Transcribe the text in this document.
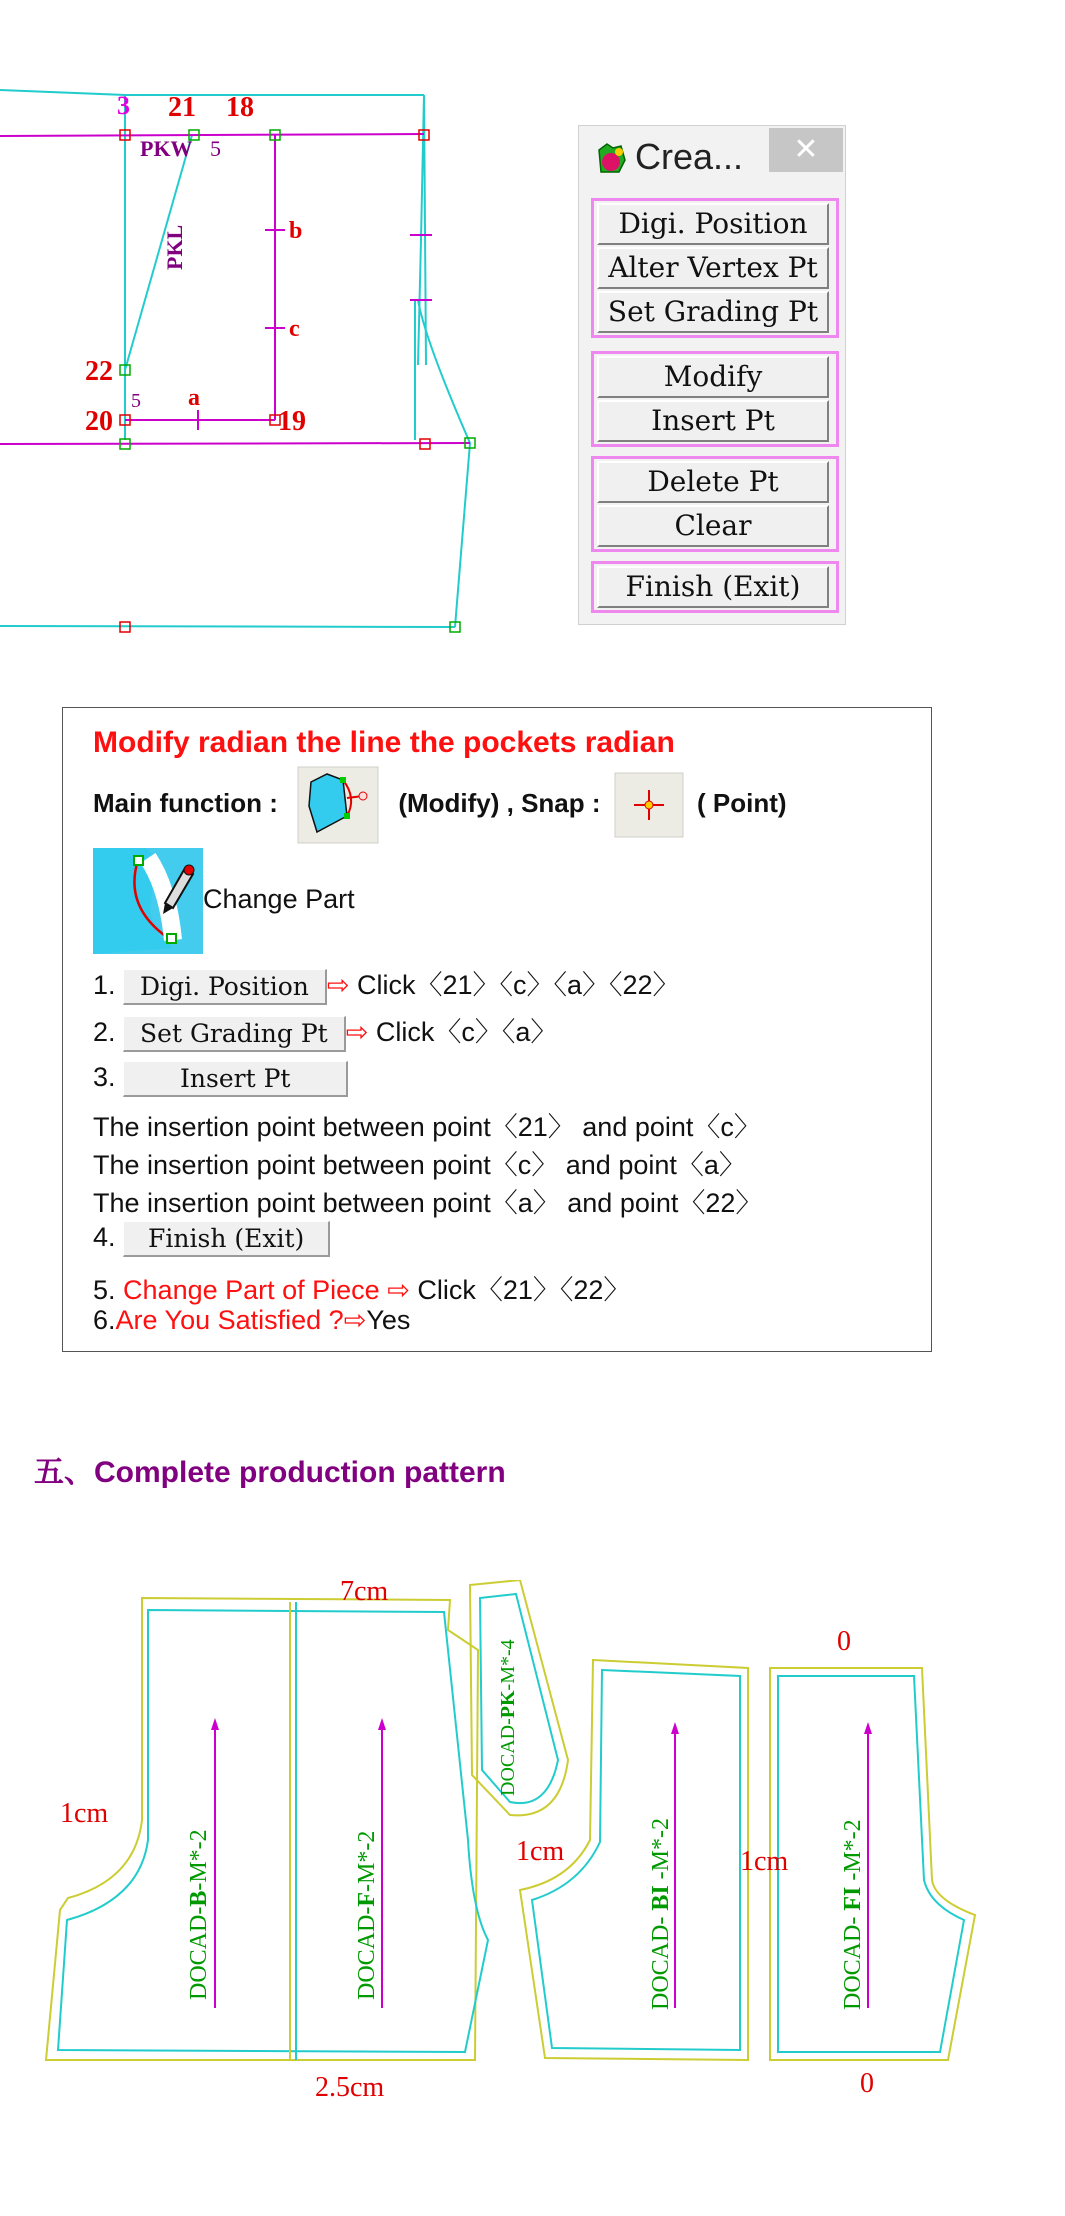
3 21 18
22
20	19
PKW
PKL	b
c
a
5
5
Crea...	✕
Digi. Position
Alter Vertex Pt
Set Grading Pt
Modify
Insert Pt
Delete Pt
Clear
Finish (Exit)
Modify radian the line the pockets radian
Main function :	(Modify) , Snap :	( Point)
Change Part
1. Digi. Position ⇨ Click〈21〉〈c〉〈a〉〈22〉
2. Set Grading Pt ⇨ Click〈c〉〈a〉
3.	Insert Pt
The insertion point between point〈21〉 and point〈c〉
The insertion point between point〈c〉 and point〈a〉
The insertion point between point〈a〉 and point〈22〉
4. Finish (Exit)
5. Change Part of Piece ⇨ Click〈21〉〈22〉
6.Are You Satisfied ?⇨Yes
五、Complete production pattern
DOCAD-B-M*-2
DOCAD-F-M*-2
DOCAD-PK-M*-4
DOCAD- BI -M*-2
DOCAD- FI -M*-2
7cm
1cm
1cm	1cm
2.5cm
0
0
